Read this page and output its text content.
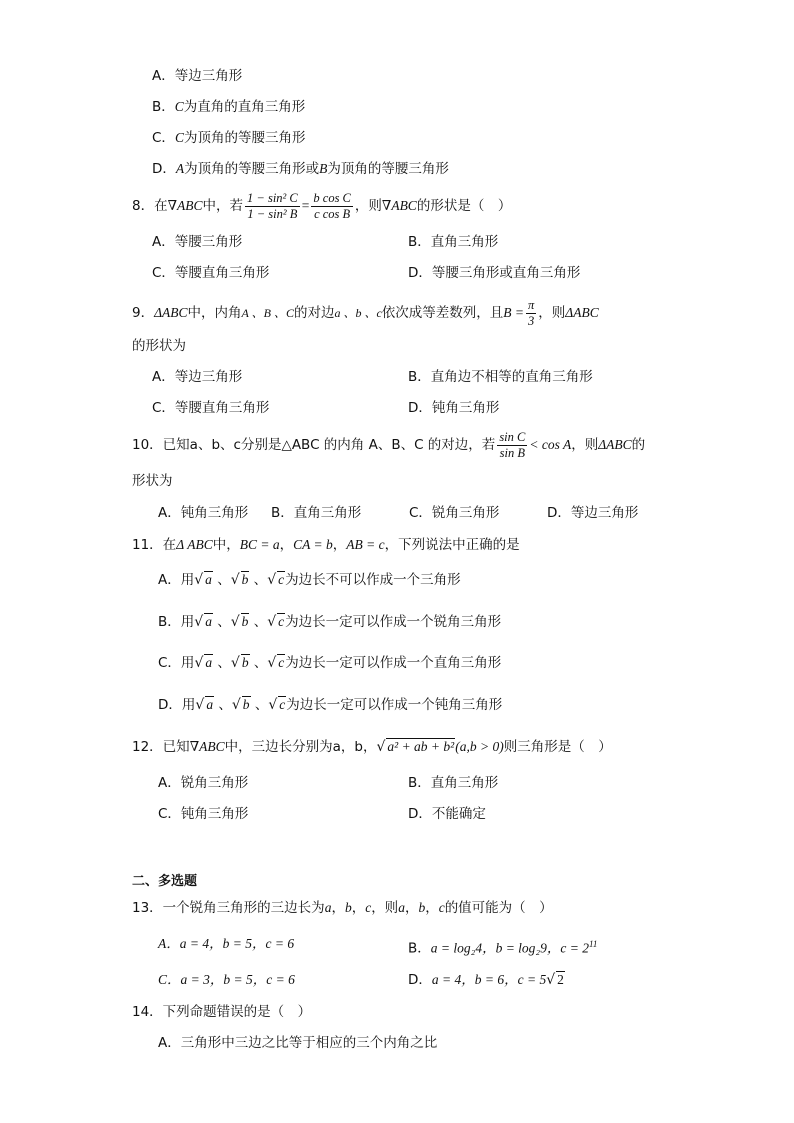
A．等边三角形
B．C为直角的直角三角形
C．C为顶角的等腰三角形
D．A为顶角的等腰三角形或B为顶角的等腰三角形
8．在∇ABC中，若 $\frac{\text{1 − sin² C}}{\text{1 − sin² B}} = \frac{\text{b cos C}}{\text{c cos B}}$ ，则∇ABC的形状是（　）
A．等腰三角形	B．直角三角形
C．等腰直角三角形	D．等腰三角形或直角三角形
9．ΔABC中，内角A 、B 、C的对边a 、b 、c依次成等差数列，且$B = \frac{\pi}{3}$ ，则ΔABC
的形状为
A．等边三角形	B．直角边不相等的直角三角形
C．等腰直角三角形	D．钝角三角形
10．已知a、b、c分别是△ABC 的内角 A、B、C 的对边，若 $\frac{\text{sin C}}{\text{sin B}} < \cos A$，则ΔABC的
形状为
A．钝角三角形 B．直角三角形	C．锐角三角形	D．等边三角形
11．在Δ ABC中，BC = a，CA = b，AB = c，下列说法中正确的是
A．用√ a 、√ b 、√ c为边长不可以作成一个三角形
B．用√ a 、√ b 、√ c为边长一定可以作成一个锐角三角形
C．用√ a 、√ b 、√ c为边长一定可以作成一个直角三角形
D．用√ a 、√ b 、√ c为边长一定可以作成一个钝角三角形
12．已知∇ABC中，三边长分别为a，b，√ a² + ab + b²(a,b > 0)则三角形是（　）
A．锐角三角形	B．直角三角形
C．钝角三角形	D．不能确定
二、多选题
13．一个锐角三角形的三边长为a，b，c，则a，b，c的值可能为（　）
A．a = 4，b = 5，c = 6	B．a = log₂4，b = log₂9，$c = 2^{11}$
C．a = 3，b = 5，c = 6	D．a = 4，b = 6，c = 5√ 2
14．下列命题错误的是（　）
A．三角形中三边之比等于相应的三个内角之比
